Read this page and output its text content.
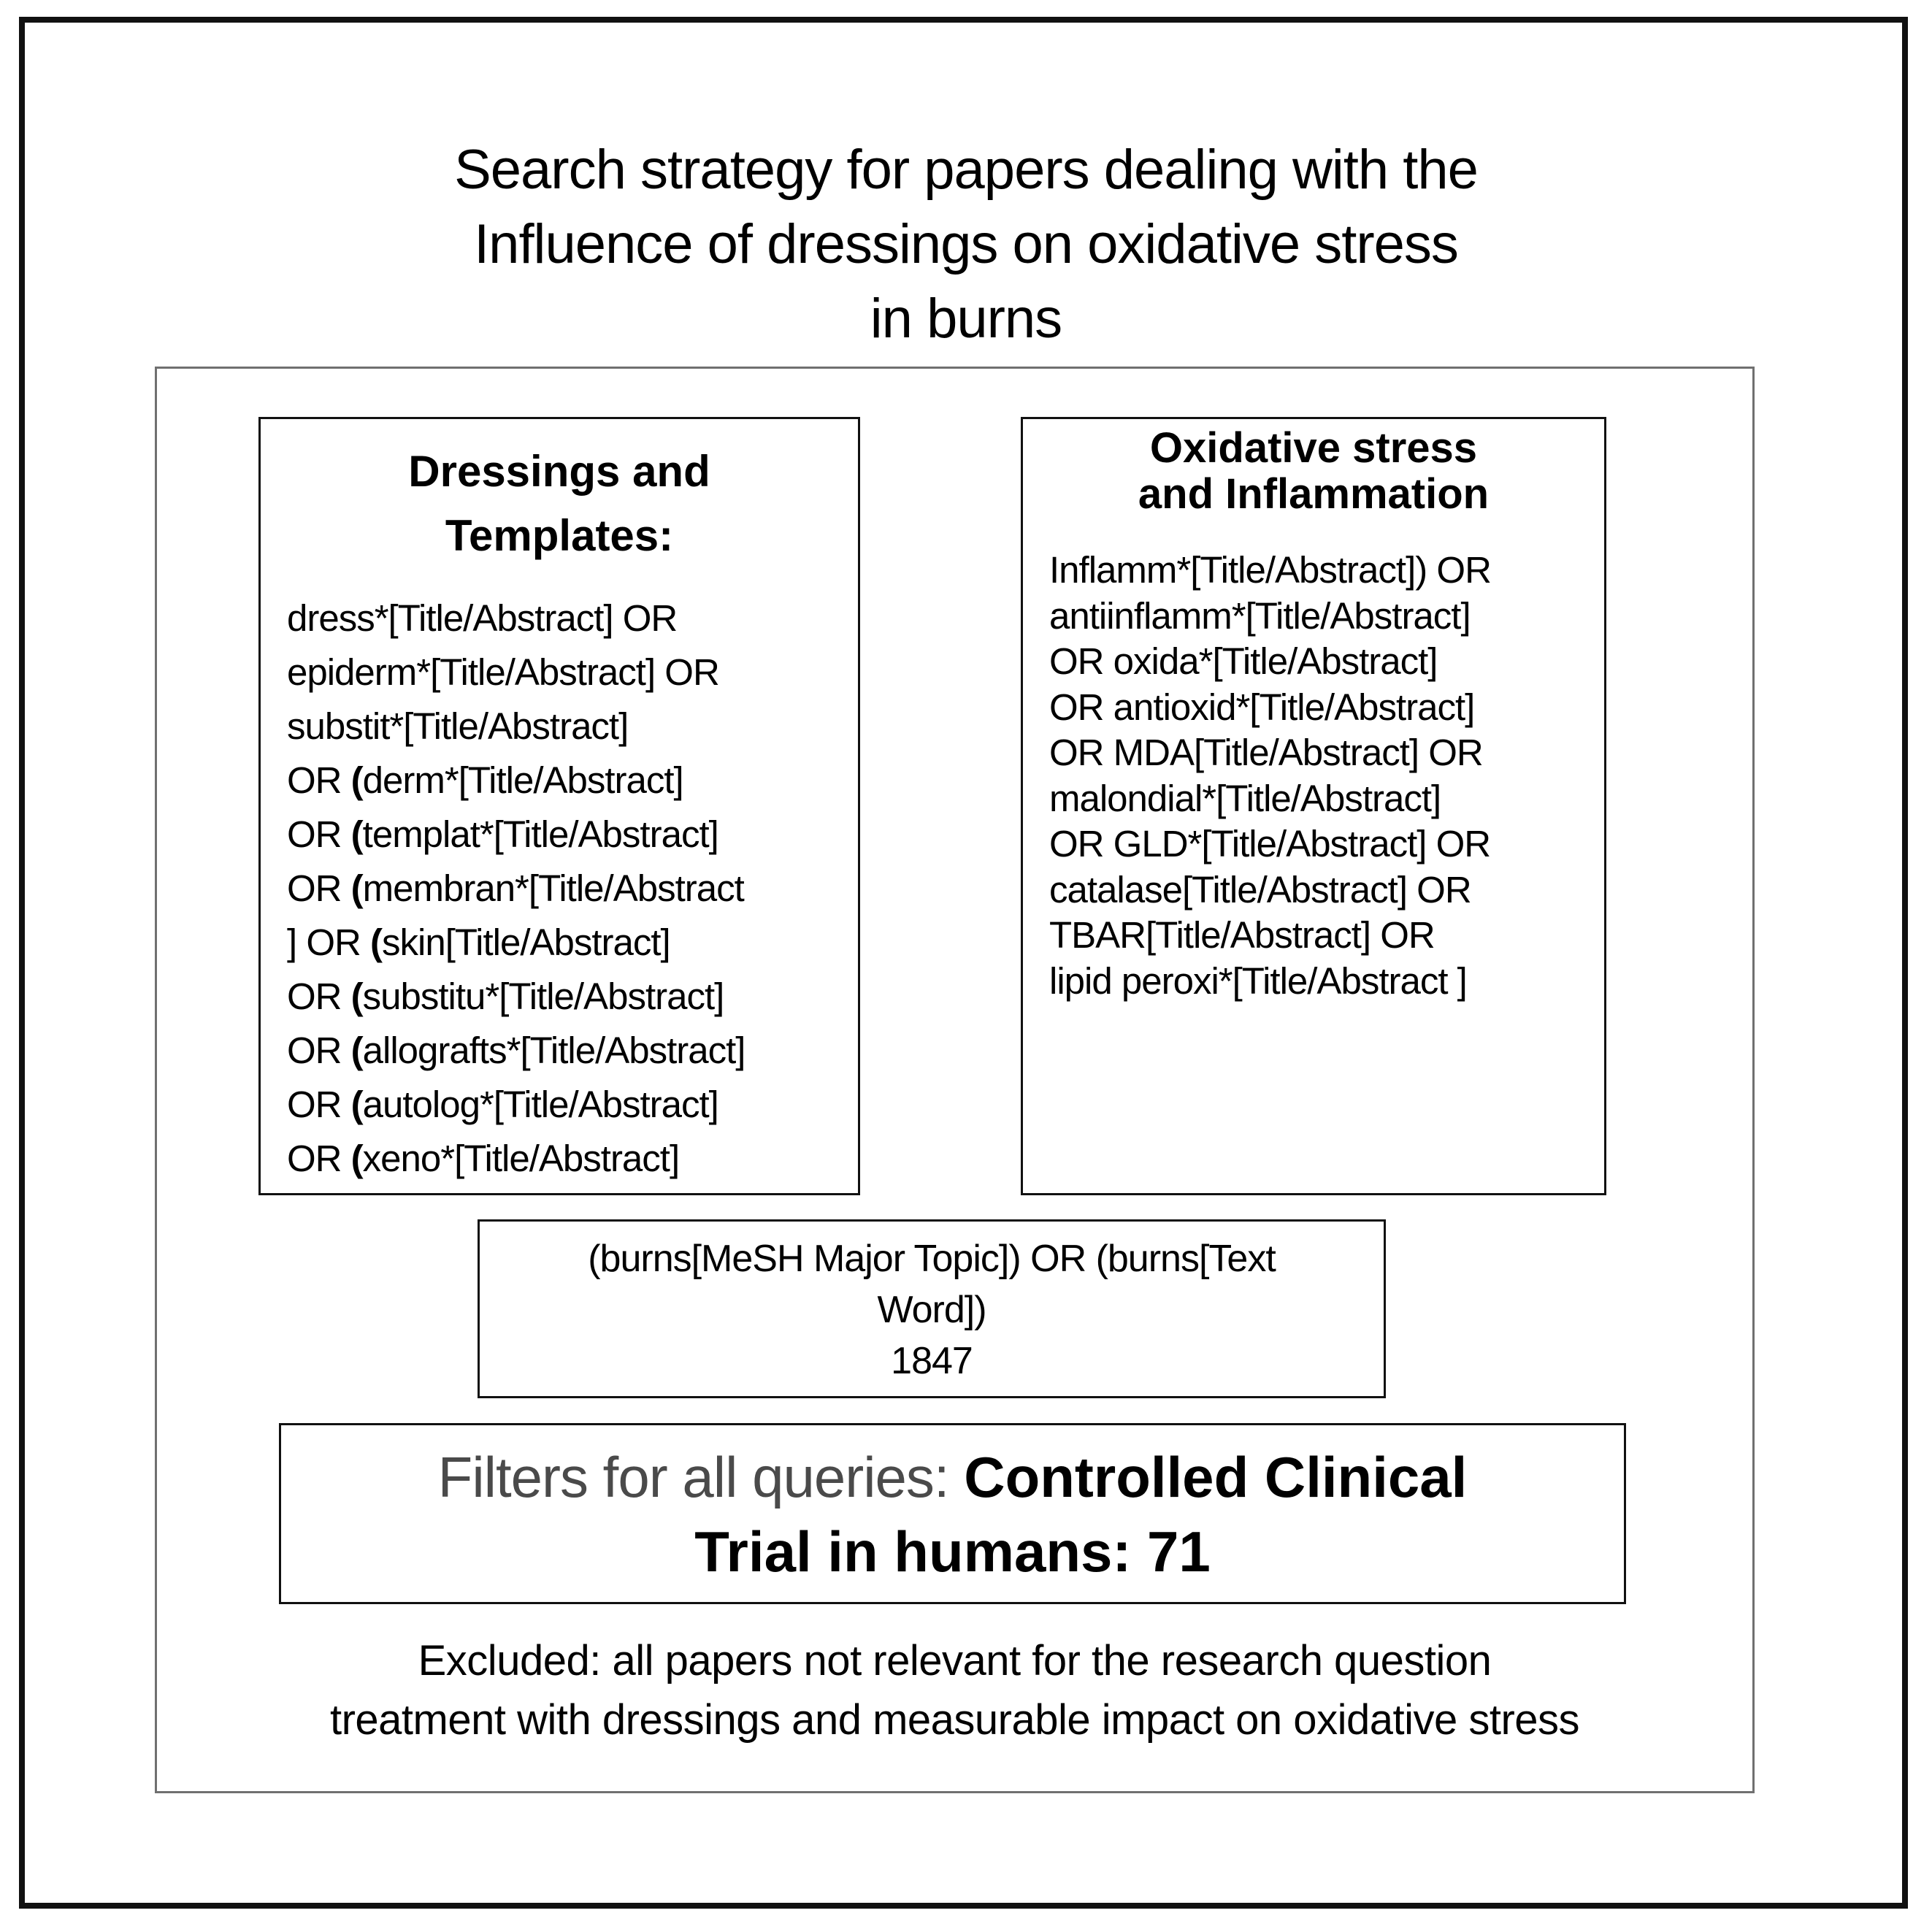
Search strategy for papers dealing with the
Influence of dressings on oxidative stress
in burns
Dressings and
Templates:
dress*[Title/Abstract] OR
epiderm*[Title/Abstract] OR
substit*[Title/Abstract]
OR (derm*[Title/Abstract]
OR (templat*[Title/Abstract]
OR (membran*[Title/Abstract
] OR (skin[Title/Abstract]
OR (substitu*[Title/Abstract]
OR (allografts*[Title/Abstract]
OR (autolog*[Title/Abstract]
OR (xeno*[Title/Abstract]
Oxidative stress
and Inflammation
Inflamm*[Title/Abstract]) OR
antiinflamm*[Title/Abstract]
OR oxida*[Title/Abstract]
OR antioxid*[Title/Abstract]
OR MDA[Title/Abstract] OR
malondial*[Title/Abstract]
OR GLD*[Title/Abstract] OR
catalase[Title/Abstract] OR
TBAR[Title/Abstract] OR
lipid peroxi*[Title/Abstract ]
(burns[MeSH Major Topic]) OR (burns[Text
Word])
1847
Filters for all queries: Controlled Clinical
Trial in humans: 71
Excluded: all papers not relevant for the research question
treatment with dressings and measurable impact on oxidative stress
